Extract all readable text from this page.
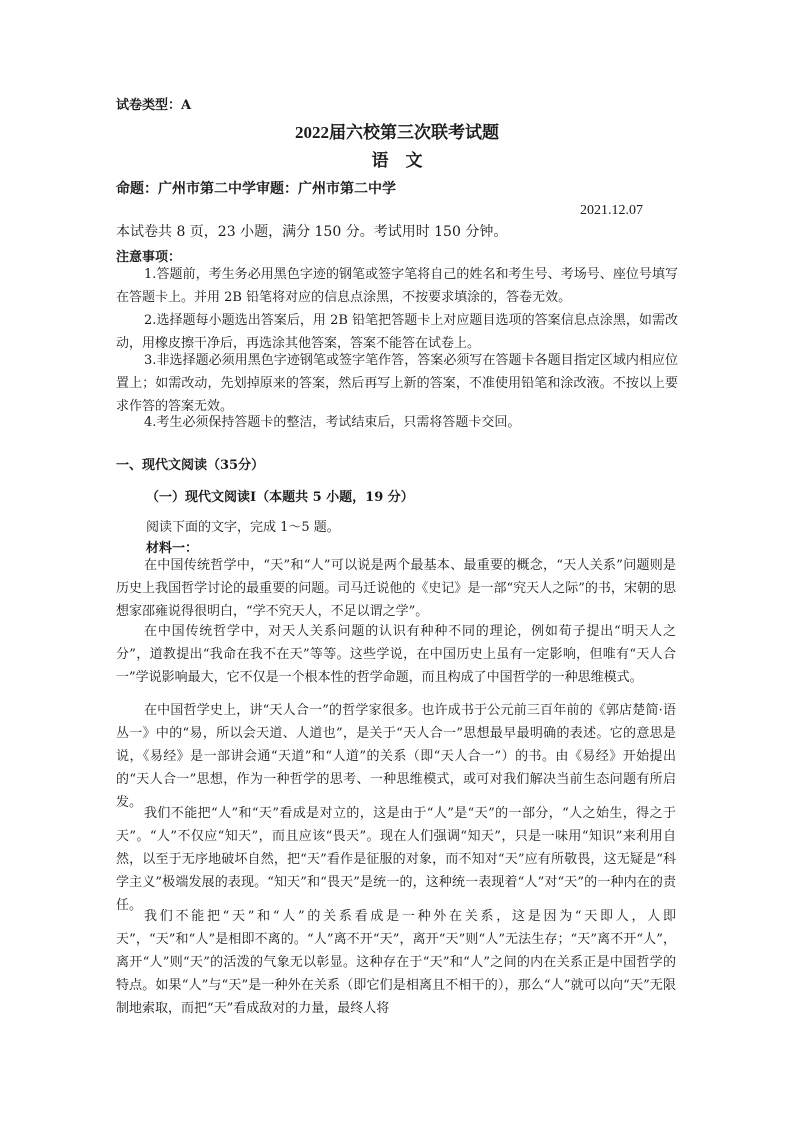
试卷类型：A
2022届六校第三次联考试题
语　文
命题：广州市第二中学审题：广州市第二中学
2021.12.07
本试卷共 8 页，23 小题，满分 150 分。考试用时 150 分钟。
注意事项：
1.答题前，考生务必用黑色字迹的钢笔或签字笔将自己的姓名和考生号、考场号、座位号填写在答题卡上。并用 2B 铅笔将对应的信息点涂黑，不按要求填涂的，答卷无效。
2.选择题每小题选出答案后，用 2B 铅笔把答题卡上对应题目选项的答案信息点涂黑，如需改动，用橡皮擦干净后，再选涂其他答案，答案不能答在试卷上。
3.非选择题必须用黑色字迹钢笔或签字笔作答，答案必须写在答题卡各题目指定区域内相应位置上；如需改动，先划掉原来的答案，然后再写上新的答案，不准使用铅笔和涂改液。不按以上要求作答的答案无效。
4.考生必须保持答题卡的整洁，考试结束后，只需将答题卡交回。
一、现代文阅读（35分）
（一）现代文阅读Ⅰ（本题共 5 小题，19 分）
阅读下面的文字，完成 1～5 题。
材料一：
在中国传统哲学中，“天”和“人”可以说是两个最基本、最重要的概念，“天人关系”问题则是历史上我国哲学讨论的最重要的问题。司马迁说他的《史记》是一部“究天人之际”的书，宋朝的思想家邵雍说得很明白，“学不究天人，不足以谓之学”。
在中国传统哲学中，对天人关系问题的认识有种种不同的理论，例如荀子提出“明天人之分”，道教提出“我命在我不在天”等等。这些学说，在中国历史上虽有一定影响，但唯有“天人合一”学说影响最大，它不仅是一个根本性的哲学命题，而且构成了中国哲学的一种思维模式。
在中国哲学史上，讲“天人合一”的哲学家很多。也许成书于公元前三百年前的《郭店楚简·语丛一》中的“易，所以会天道、人道也”，是关于“天人合一”思想最早最明确的表述。它的意思是说，《易经》是一部讲会通“天道”和“人道”的关系（即“天人合一”）的书。由《易经》开始提出的“天人合一”思想，作为一种哲学的思考、一种思维模式，或可对我们解决当前生态问题有所启发。
我们不能把“人”和“天”看成是对立的，这是由于“人”是“天”的一部分，“人之始生，得之于天”。“人”不仅应“知天”，而且应该“畏天”。现在人们强调“知天”，只是一味用“知识”来利用自然，以至于无序地破坏自然，把“天”看作是征服的对象，而不知对“天”应有所敬畏，这无疑是“科学主义”极端发展的表现。“知天”和“畏天”是统一的，这种统一表现着“人”对“天”的一种内在的责任。
我们不能把“天”和“人”的关系看成是一种外在关系，这是因为“天即人，人即天”，“天”和“人”是相即不离的。“人”离不开“天”，离开“天”则“人”无法生存；“天”离不开“人”，离开“人”则“天”的活泼的气象无以彰显。这种存在于“天”和“人”之间的内在关系正是中国哲学的特点。如果“人”与“天”是一种外在关系（即它们是相离且不相干的），那么“人”就可以向“天”无限制地索取，而把“天”看成敌对的力量，最终人将
